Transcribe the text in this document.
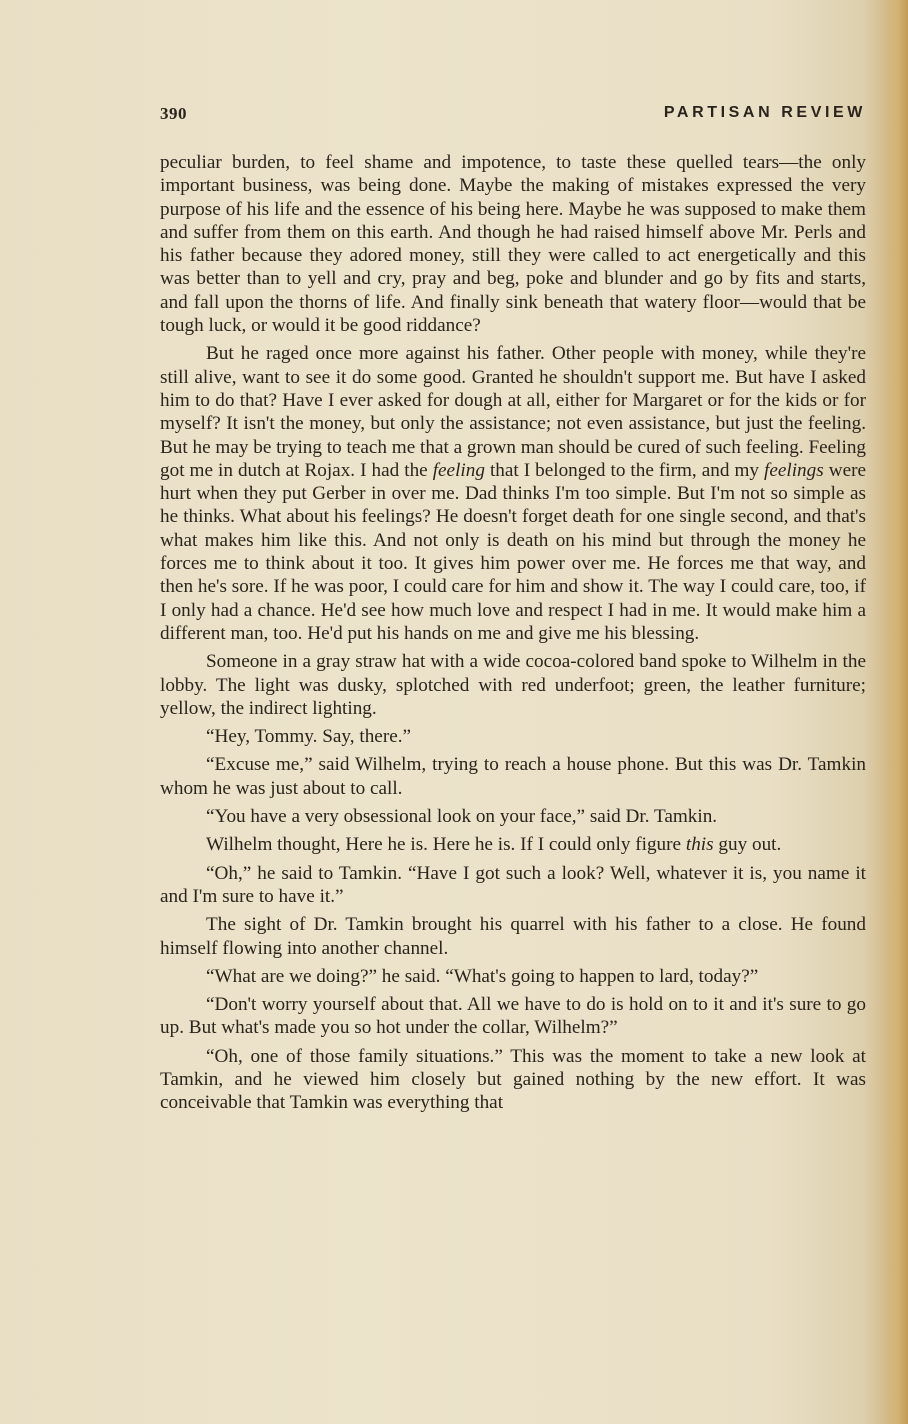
390	PARTISAN REVIEW

peculiar burden, to feel shame and impotence, to taste these quelled tears—the only important business, was being done. Maybe the making of mistakes expressed the very purpose of his life and the essence of his being here. Maybe he was supposed to make them and suffer from them on this earth. And though he had raised himself above Mr. Perls and his father because they adored money, still they were called to act energetically and this was better than to yell and cry, pray and beg, poke and blunder and go by fits and starts, and fall upon the thorns of life. And finally sink beneath that watery floor—would that be tough luck, or would it be good riddance?

But he raged once more against his father. Other people with money, while they're still alive, want to see it do some good. Granted he shouldn't support me. But have I asked him to do that? Have I ever asked for dough at all, either for Margaret or for the kids or for myself? It isn't the money, but only the assistance; not even assistance, but just the feeling. But he may be trying to teach me that a grown man should be cured of such feeling. Feeling got me in dutch at Rojax. I had the feeling that I belonged to the firm, and my feelings were hurt when they put Gerber in over me. Dad thinks I'm too simple. But I'm not so simple as he thinks. What about his feelings? He doesn't forget death for one single second, and that's what makes him like this. And not only is death on his mind but through the money he forces me to think about it too. It gives him power over me. He forces me that way, and then he's sore. If he was poor, I could care for him and show it. The way I could care, too, if I only had a chance. He'd see how much love and respect I had in me. It would make him a different man, too. He'd put his hands on me and give me his blessing.

Someone in a gray straw hat with a wide cocoa-colored band spoke to Wilhelm in the lobby. The light was dusky, splotched with red underfoot; green, the leather furniture; yellow, the indirect lighting.

“Hey, Tommy. Say, there.”

“Excuse me,” said Wilhelm, trying to reach a house phone. But this was Dr. Tamkin whom he was just about to call.

“You have a very obsessional look on your face,” said Dr. Tamkin.

Wilhelm thought, Here he is. Here he is. If I could only figure this guy out.

“Oh,” he said to Tamkin. “Have I got such a look? Well, whatever it is, you name it and I'm sure to have it.”

The sight of Dr. Tamkin brought his quarrel with his father to a close. He found himself flowing into another channel.

“What are we doing?” he said. “What's going to happen to lard, today?”

“Don't worry yourself about that. All we have to do is hold on to it and it's sure to go up. But what's made you so hot under the collar, Wilhelm?”

“Oh, one of those family situations.” This was the moment to take a new look at Tamkin, and he viewed him closely but gained nothing by the new effort. It was conceivable that Tamkin was everything that
